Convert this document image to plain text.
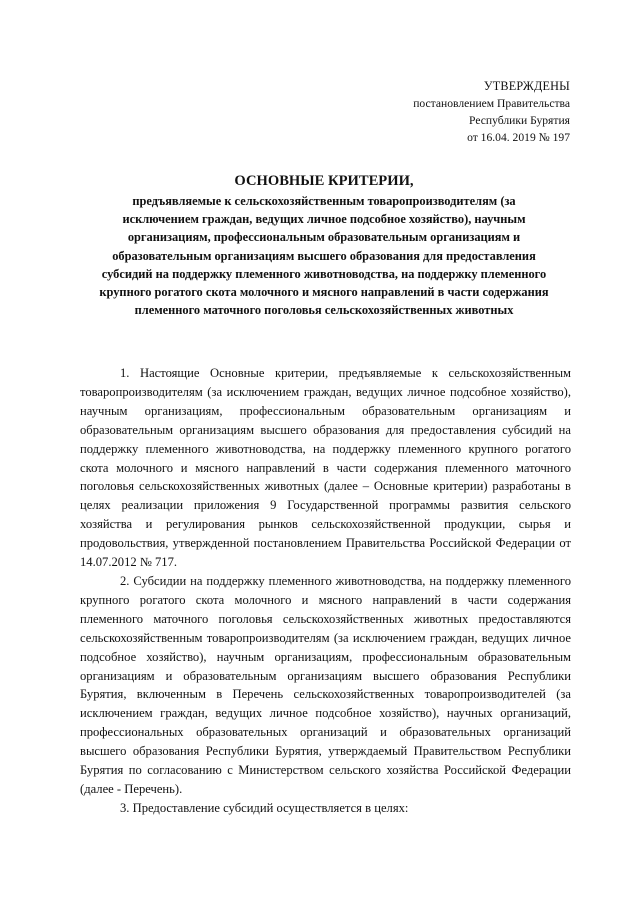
УТВЕРЖДЕНЫ
постановлением Правительства
Республики Бурятия
от 16.04. 2019 № 197
ОСНОВНЫЕ КРИТЕРИИ,
предъявляемые к сельскохозяйственным товаропроизводителям (за исключением граждан, ведущих личное подсобное хозяйство), научным организациям, профессиональным образовательным организациям и образовательным организациям высшего образования для предоставления субсидий на поддержку племенного животноводства, на поддержку племенного крупного рогатого скота молочного и мясного направлений в части содержания племенного маточного поголовья сельскохозяйственных животных

1. Настоящие Основные критерии, предъявляемые к сельскохозяйственным товаропроизводителям (за исключением граждан, ведущих личное подсобное хозяйство), научным организациям, профессиональным образовательным организациям и образовательным организациям высшего образования для предоставления субсидий на поддержку племенного животноводства, на поддержку племенного крупного рогатого скота молочного и мясного направлений в части содержания племенного маточного поголовья сельскохозяйственных животных (далее – Основные критерии) разработаны в целях реализации приложения 9 Государственной программы развития сельского хозяйства и регулирования рынков сельскохозяйственной продукции, сырья и продовольствия, утвержденной постановлением Правительства Российской Федерации от 14.07.2012 № 717.

2. Субсидии на поддержку племенного животноводства, на поддержку племенного крупного рогатого скота молочного и мясного направлений в части содержания племенного маточного поголовья сельскохозяйственных животных предоставляются сельскохозяйственным товаропроизводителям (за исключением граждан, ведущих личное подсобное хозяйство), научным организациям, профессиональным образовательным организациям и образовательным организациям высшего образования Республики Бурятия, включенным в Перечень сельскохозяйственных товаропроизводителей (за исключением граждан, ведущих личное подсобное хозяйство), научных организаций, профессиональных образовательных организаций и образовательных организаций высшего образования Республики Бурятия, утверждаемый Правительством Республики Бурятия по согласованию с Министерством сельского хозяйства Российской Федерации (далее - Перечень).

3. Предоставление субсидий осуществляется в целях:
